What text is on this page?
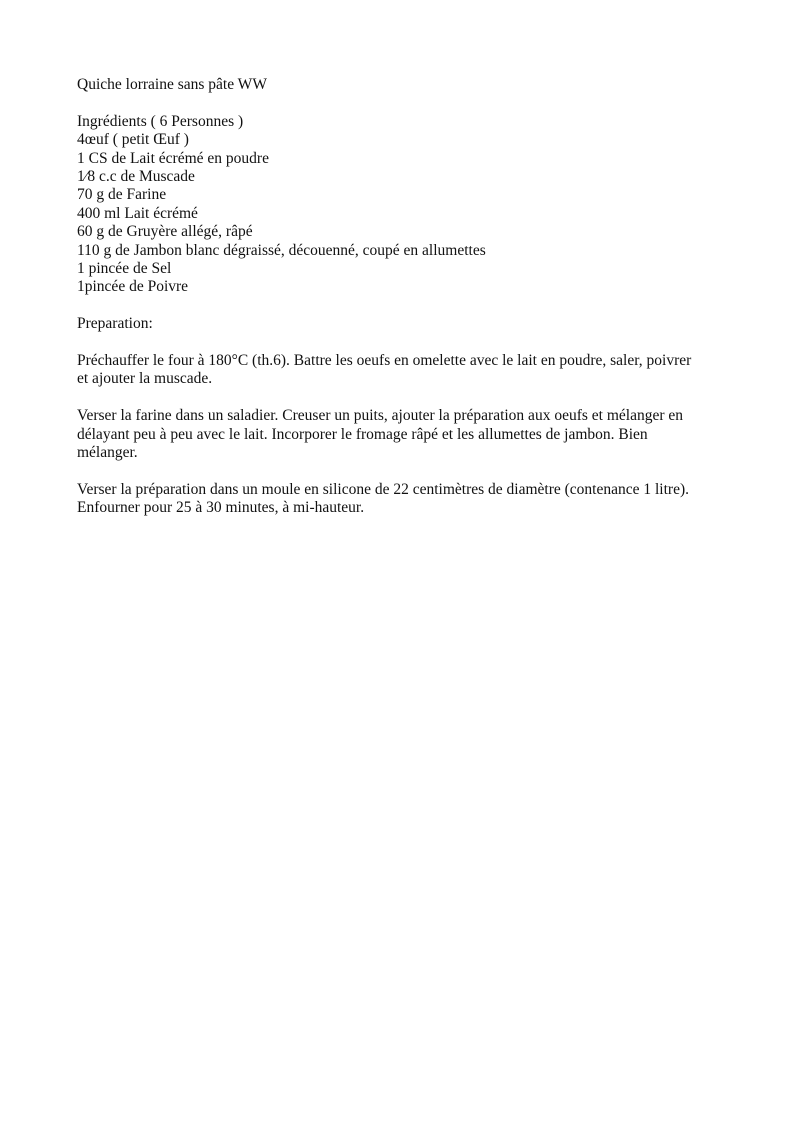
Quiche lorraine sans pâte WW
Ingrédients ( 6 Personnes )
4œuf ( petit Œuf )
1 CS de Lait écrémé en poudre
1⁄8 c.c de Muscade
70 g de Farine
400 ml Lait écrémé
60 g de Gruyère allégé, râpé
110 g de Jambon blanc dégraissé, découenné, coupé en allumettes
1 pincée de Sel
1pincée de Poivre
Preparation:
Préchauffer le four à 180°C (th.6). Battre les oeufs en omelette avec le lait en poudre, saler, poivrer
et ajouter la muscade.
Verser la farine dans un saladier. Creuser un puits, ajouter la préparation aux oeufs et mélanger en
délayant peu à peu avec le lait. Incorporer le fromage râpé et les allumettes de jambon. Bien
mélanger.
Verser la préparation dans un moule en silicone de 22 centimètres de diamètre (contenance 1 litre).
Enfourner pour 25 à 30 minutes, à mi-hauteur.
